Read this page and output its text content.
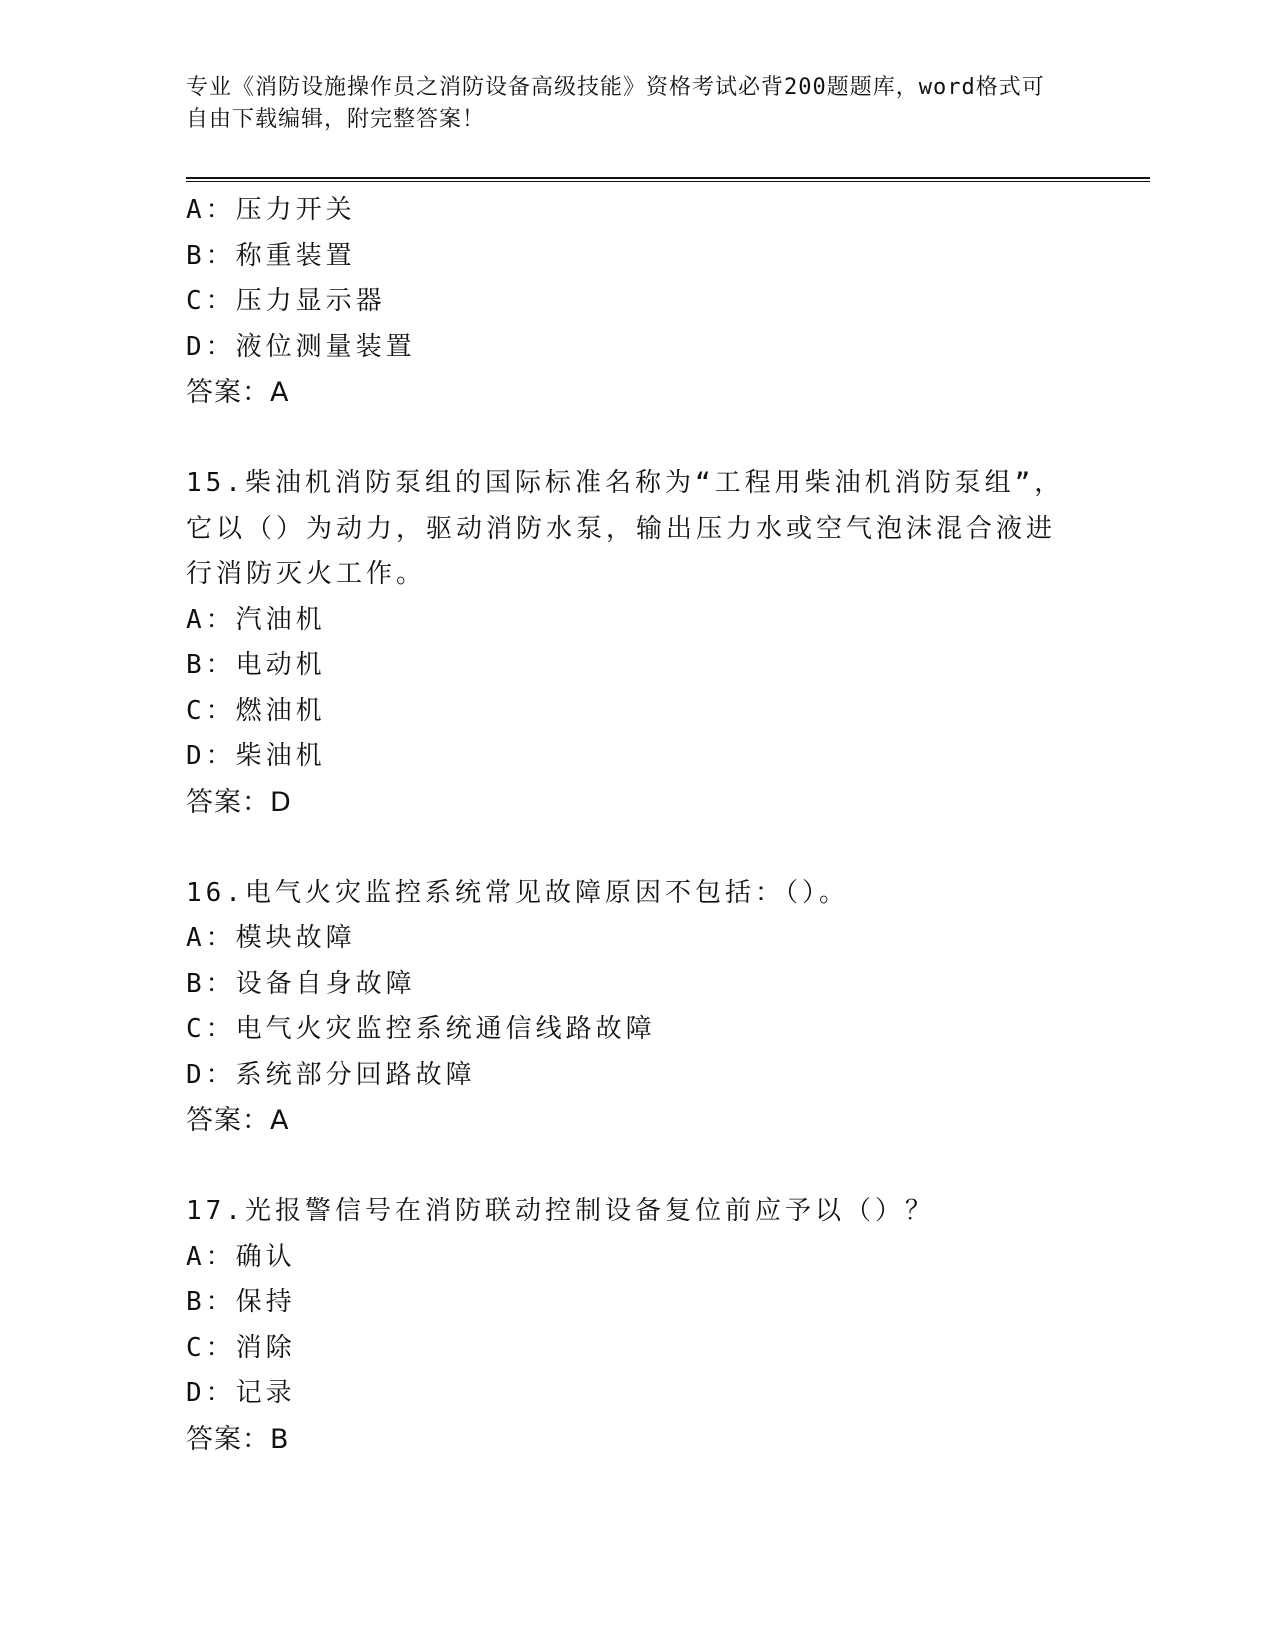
专业《消防设施操作员之消防设备高级技能》资格考试必背200题题库，word格式可自由下载编辑，附完整答案！
A：压力开关
B：称重装置
C：压力显示器
D：液位测量装置
答案：A
15.柴油机消防泵组的国际标准名称为“工程用柴油机消防泵组”，它以（）为动力，驱动消防水泵，输出压力水或空气泡沫混合液进行消防灭火工作。
A：汽油机
B：电动机
C：燃油机
D：柴油机
答案：D
16.电气火灾监控系统常见故障原因不包括：（）。
A：模块故障
B：设备自身故障
C：电气火灾监控系统通信线路故障
D：系统部分回路故障
答案：A
17.光报警信号在消防联动控制设备复位前应予以（）？
A：确认
B：保持
C：消除
D：记录
答案：B
